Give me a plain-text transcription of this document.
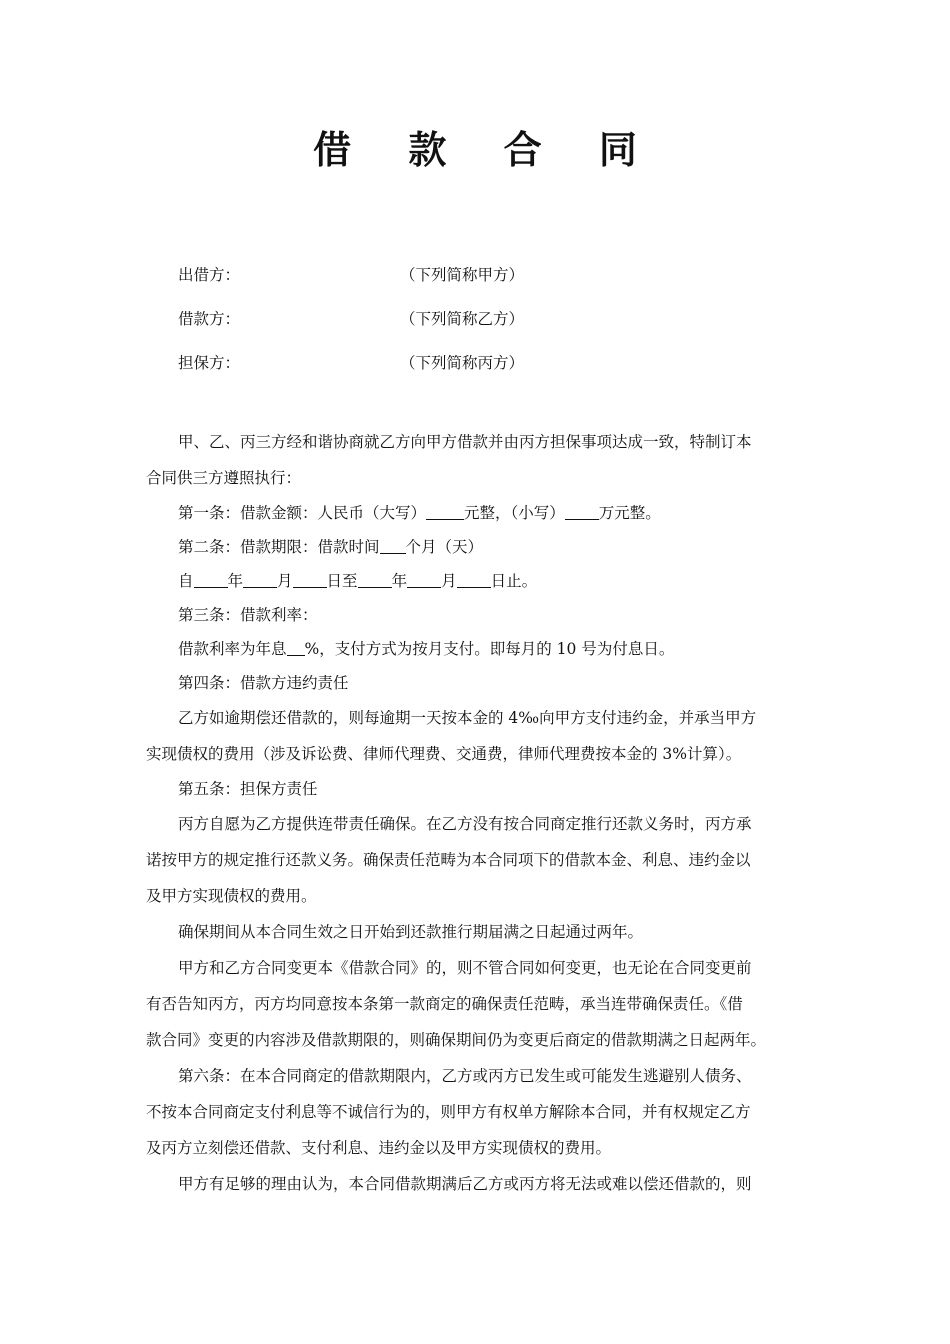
借 款 合 同
出借方：	（下列简称甲方）
借款方：	（下列简称乙方）
担保方：	（下列简称丙方）
甲、乙、丙三方经和谐协商就乙方向甲方借款并由丙方担保事项达成一致，特制订本
合同供三方遵照执行：
第一条：借款金额：人民币（大写） 元整，（小写） 万元整。
第二条：借款期限：借款时间 个月（天）
自 年 月 日至 年 月 日止。
第三条：借款利率：
借款利率为年息 %，支付方式为按月支付。即每月的 10 号为付息日。
第四条：借款方违约责任
乙方如逾期偿还借款的，则每逾期一天按本金的 4‰向甲方支付违约金，并承当甲方
实现债权的费用（涉及诉讼费、律师代理费、交通费，律师代理费按本金的 3%计算）。
第五条：担保方责任
丙方自愿为乙方提供连带责任确保。在乙方没有按合同商定推行还款义务时，丙方承
诺按甲方的规定推行还款义务。确保责任范畴为本合同项下的借款本金、利息、违约金以
及甲方实现债权的费用。
确保期间从本合同生效之日开始到还款推行期届满之日起通过两年。
甲方和乙方合同变更本《借款合同》的，则不管合同如何变更，也无论在合同变更前
有否告知丙方，丙方均同意按本条第一款商定的确保责任范畴，承当连带确保责任。《借
款合同》变更的内容涉及借款期限的，则确保期间仍为变更后商定的借款期满之日起两年。
第六条：在本合同商定的借款期限内，乙方或丙方已发生或可能发生逃避别人债务、
不按本合同商定支付利息等不诚信行为的，则甲方有权单方解除本合同，并有权规定乙方
及丙方立刻偿还借款、支付利息、违约金以及甲方实现债权的费用。
甲方有足够的理由认为，本合同借款期满后乙方或丙方将无法或难以偿还借款的，则
